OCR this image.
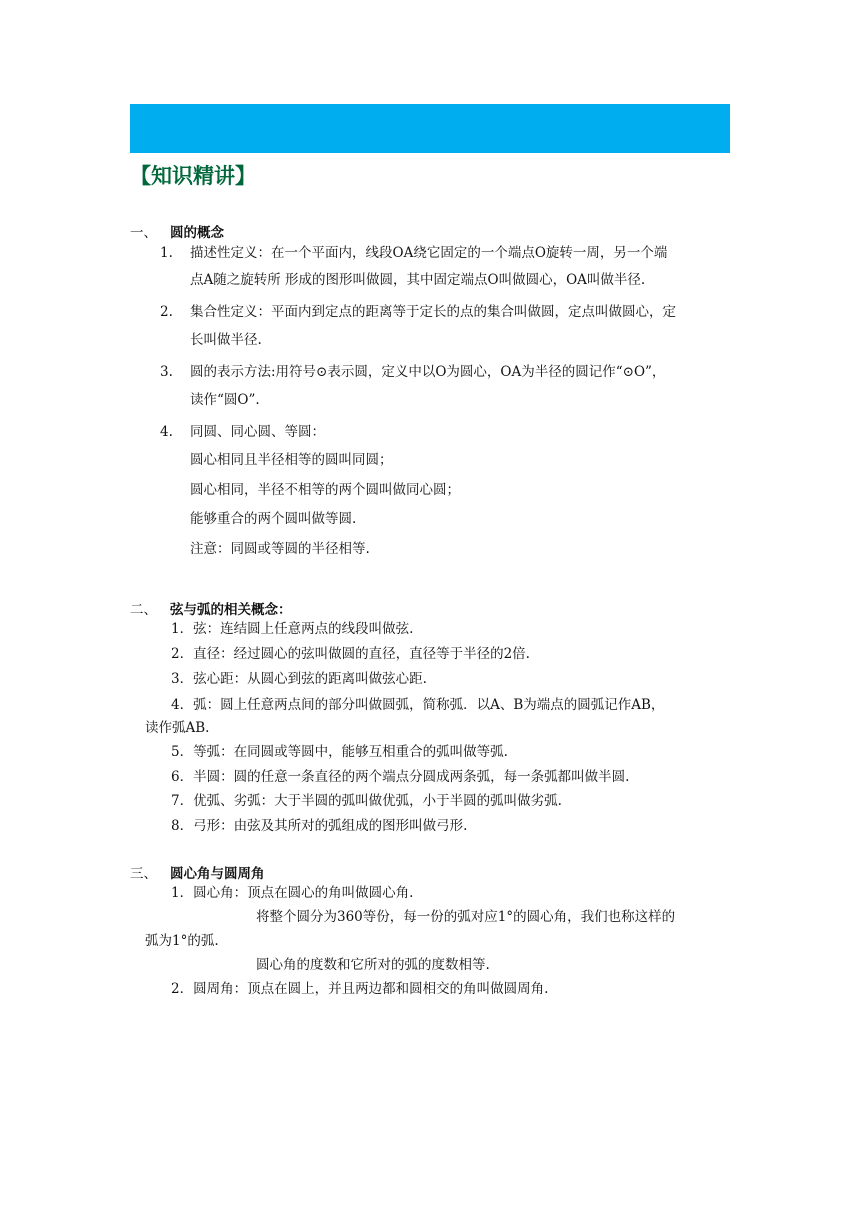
【知识精讲】
一、 圆的概念
1. 描述性定义：在一个平面内，线段OA绕它固定的一个端点O旋转一周，另一个端
点A随之旋转所 形成的图形叫做圆，其中固定端点O叫做圆心，OA叫做半径.
2. 集合性定义：平面内到定点的距离等于定长的点的集合叫做圆，定点叫做圆心，定
长叫做半径.
3. 圆的表示方法:用符号⊙表示圆，定义中以O为圆心，OA为半径的圆记作“⊙O”，
读作“圆O”.
4. 同圆、同心圆、等圆：
圆心相同且半径相等的圆叫同圆；
圆心相同，半径不相等的两个圆叫做同心圆；
能够重合的两个圆叫做等圆.
注意：同圆或等圆的半径相等.
二、 弦与弧的相关概念：
1．弦：连结圆上任意两点的线段叫做弦.
2．直径：经过圆心的弦叫做圆的直径，直径等于半径的2倍.
3．弦心距：从圆心到弦的距离叫做弦心距.
4．弧：圆上任意两点间的部分叫做圆弧，简称弧．以A、B为端点的圆弧记作AB，
读作弧AB.
5．等弧：在同圆或等圆中，能够互相重合的弧叫做等弧.
6．半圆：圆的任意一条直径的两个端点分圆成两条弧，每一条弧都叫做半圆.
7．优弧、劣弧：大于半圆的弧叫做优弧，小于半圆的弧叫做劣弧.
8．弓形：由弦及其所对的弧组成的图形叫做弓形.
三、 圆心角与圆周角
1．圆心角：顶点在圆心的角叫做圆心角.
将整个圆分为360等份，每一份的弧对应1°的圆心角，我们也称这样的
弧为1°的弧.
圆心角的度数和它所对的弧的度数相等.
2．圆周角：顶点在圆上，并且两边都和圆相交的角叫做圆周角.
